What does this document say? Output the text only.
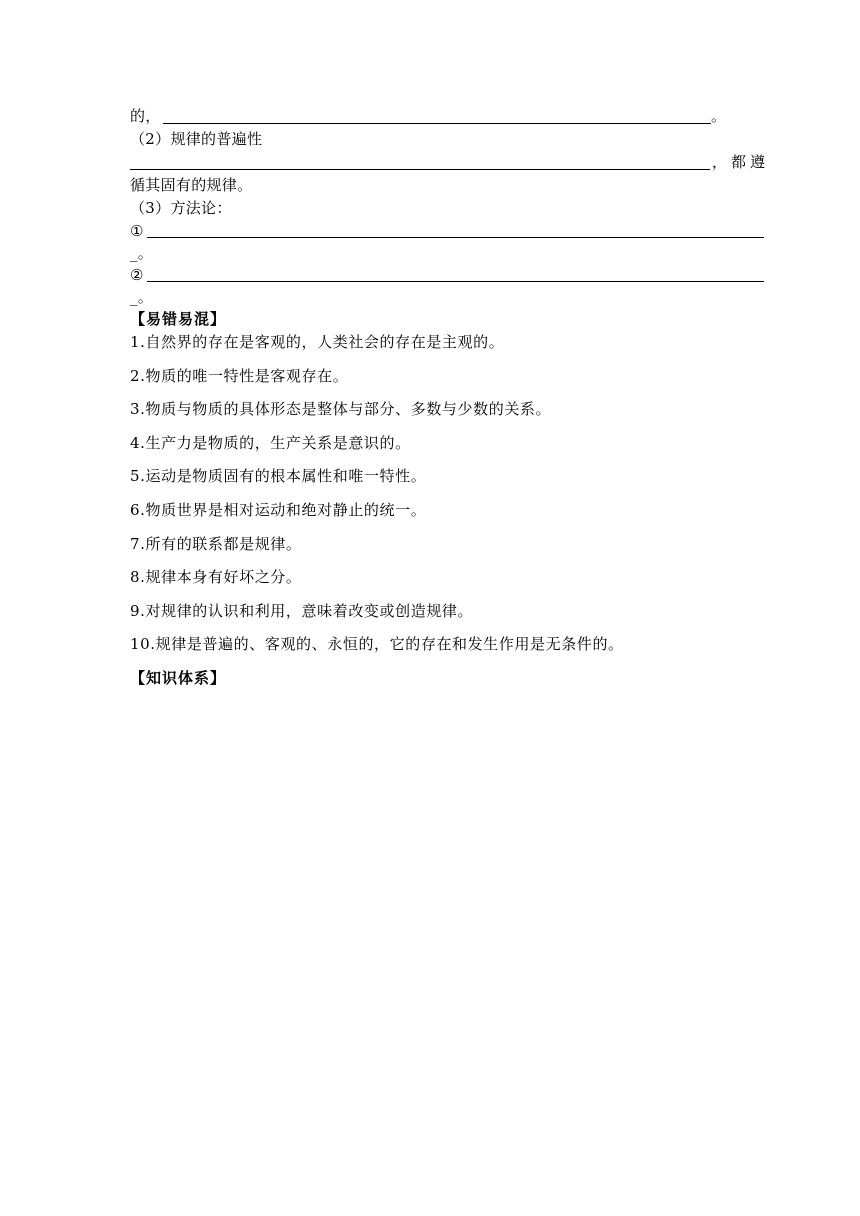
的，	。
（2）规律的普遍性
，都遵
循其固有的规律。
（3）方法论：
①
_。
②
_。
【易错易混】
1.自然界的存在是客观的，人类社会的存在是主观的。
2.物质的唯一特性是客观存在。
3.物质与物质的具体形态是整体与部分、多数与少数的关系。
4.生产力是物质的，生产关系是意识的。
5.运动是物质固有的根本属性和唯一特性。
6.物质世界是相对运动和绝对静止的统一。
7.所有的联系都是规律。
8.规律本身有好坏之分。
9.对规律的认识和利用，意味着改变或创造规律。
10.规律是普遍的、客观的、永恒的，它的存在和发生作用是无条件的。
【知识体系】
